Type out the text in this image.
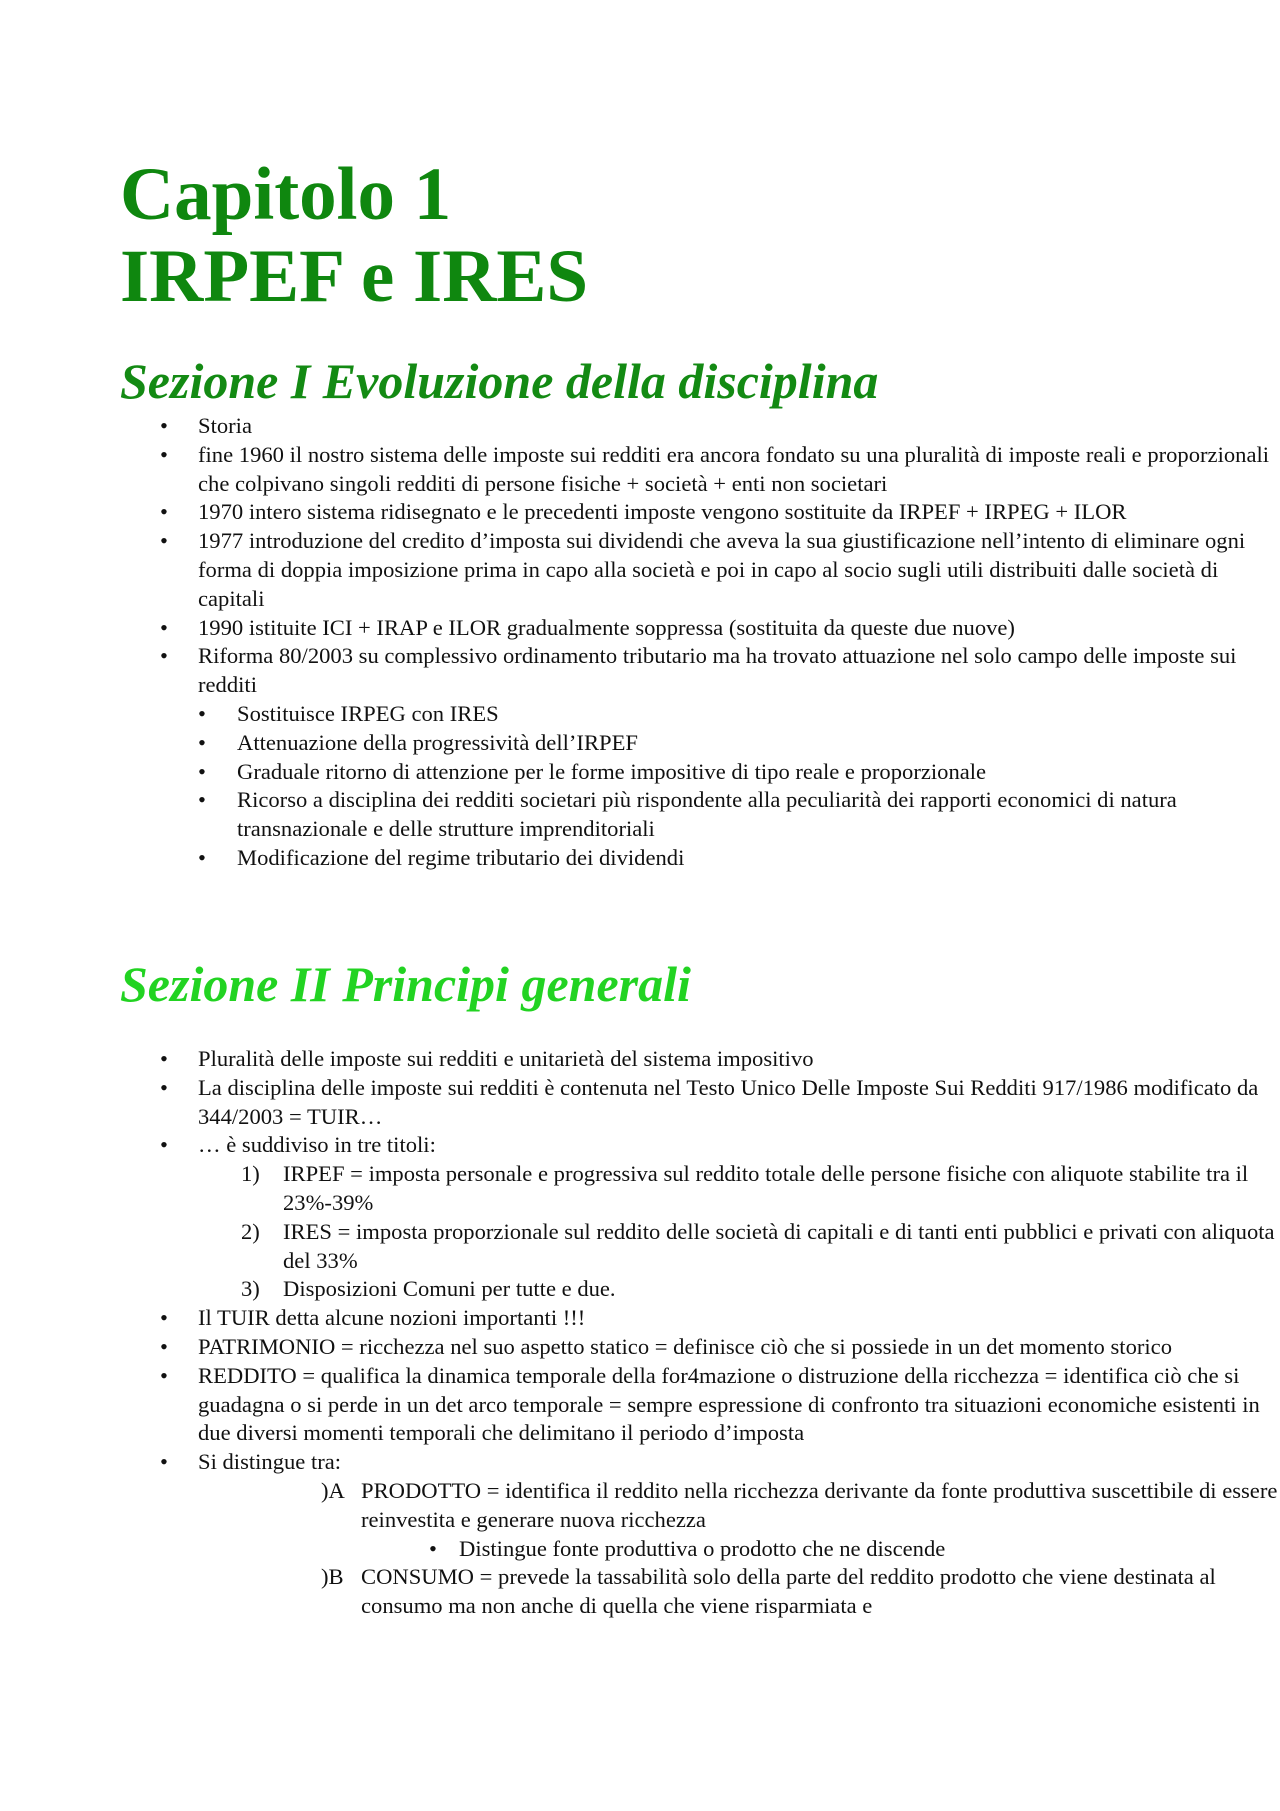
Capitolo 1
IRPEF e IRES
Sezione I Evoluzione della disciplina
• Storia
• fine 1960 il nostro sistema delle imposte sui redditi era ancora fondato su una pluralità di imposte reali e proporzionali che colpivano singoli redditi di persone fisiche + società + enti non societari
• 1970 intero sistema ridisegnato e le precedenti imposte vengono sostituite da IRPEF + IRPEG + ILOR
• 1977 introduzione del credito d’imposta sui dividendi che aveva la sua giustificazione nell’intento di eliminare ogni forma di doppia imposizione prima in capo alla società e poi in capo al socio sugli utili distribuiti dalle società di capitali
• 1990 istituite ICI + IRAP e ILOR gradualmente soppressa (sostituita da queste due nuove)
• Riforma 80/2003 su complessivo ordinamento tributario ma ha trovato attuazione nel solo campo delle imposte sui redditi
• Sostituisce IRPEG con IRES
• Attenuazione della progressività dell’IRPEF
• Graduale ritorno di attenzione per le forme impositive di tipo reale e proporzionale
• Ricorso a disciplina dei redditi societari più rispondente alla peculiarità dei rapporti economici di natura transnazionale e delle strutture imprenditoriali
• Modificazione del regime tributario dei dividendi
Sezione II Principi generali
• Pluralità delle imposte sui redditi e unitarietà del sistema impositivo
• La disciplina delle imposte sui redditi è contenuta nel Testo Unico Delle Imposte Sui Redditi 917/1986 modificato da 344/2003 = TUIR…
• … è suddiviso in tre titoli:
1) IRPEF = imposta personale e progressiva sul reddito totale delle persone fisiche con aliquote stabilite tra il 23%-39%
2) IRES = imposta proporzionale sul reddito delle società di capitali e di tanti enti pubblici e privati con aliquota del 33%
3) Disposizioni Comuni per tutte e due.
• Il TUIR detta alcune nozioni importanti !!!
• PATRIMONIO = ricchezza nel suo aspetto statico = definisce ciò che si possiede in un det momento storico
• REDDITO = qualifica la dinamica temporale della for4mazione o distruzione della ricchezza = identifica ciò che si guadagna o si perde in un det arco temporale = sempre espressione di confronto tra situazioni economiche esistenti in due diversi momenti temporali che delimitano il periodo d’imposta
• Si distingue tra:
)A PRODOTTO = identifica il reddito nella ricchezza derivante da fonte produttiva suscettibile di essere reinvestita e generare nuova ricchezza
• Distingue fonte produttiva o prodotto che ne discende
)B CONSUMO = prevede la tassabilità solo della parte del reddito prodotto che viene destinata al consumo ma non anche di quella che viene risparmiata e
